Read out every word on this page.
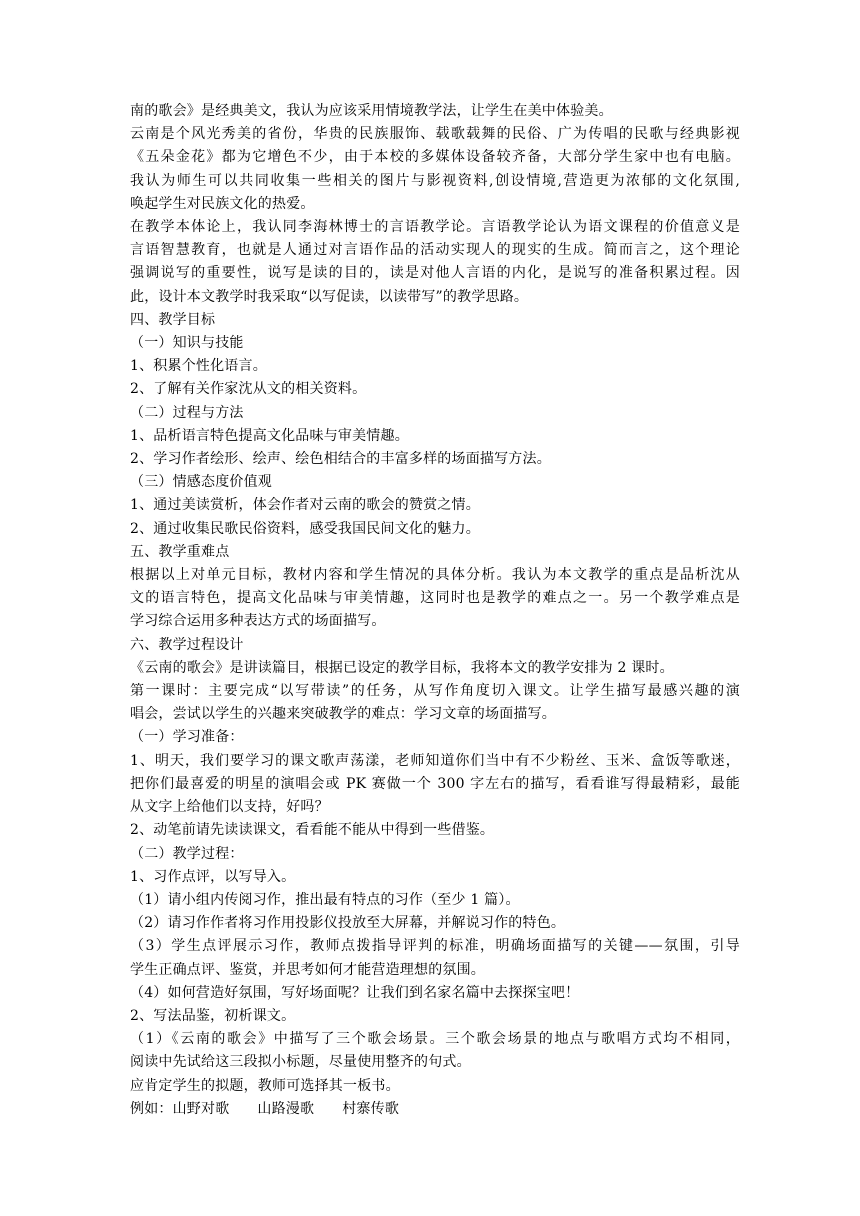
南的歌会》是经典美文，我认为应该采用情境教学法，让学生在美中体验美。

云南是个风光秀美的省份，华贵的民族服饰、载歌载舞的民俗、广为传唱的民歌与经典影视

《五朵金花》都为它增色不少，由于本校的多媒体设备较齐备，大部分学生家中也有电脑。

我认为师生可以共同收集一些相关的图片与影视资料,创设情境,营造更为浓郁的文化氛围,

唤起学生对民族文化的热爱。

在教学本体论上，我认同李海林博士的言语教学论。言语教学论认为语文课程的价值意义是

言语智慧教育，也就是人通过对言语作品的活动实现人的现实的生成。简而言之，这个理论

强调说写的重要性，说写是读的目的，读是对他人言语的内化，是说写的准备积累过程。因

此，设计本文教学时我采取“以写促读，以读带写”的教学思路。

四、教学目标

（一）知识与技能

1、积累个性化语言。

2、了解有关作家沈从文的相关资料。

（二）过程与方法

1、品析语言特色提高文化品味与审美情趣。

2、学习作者绘形、绘声、绘色相结合的丰富多样的场面描写方法。

（三）情感态度价值观

1、通过美读赏析，体会作者对云南的歌会的赞赏之情。

2、通过收集民歌民俗资料，感受我国民间文化的魅力。

五、教学重难点

根据以上对单元目标，教材内容和学生情况的具体分析。我认为本文教学的重点是品析沈从

文的语言特色，提高文化品味与审美情趣，这同时也是教学的难点之一。另一个教学难点是

学习综合运用多种表达方式的场面描写。

六、教学过程设计

《云南的歌会》是讲读篇目，根据已设定的教学目标，我将本文的教学安排为 2 课时。

第一课时：主要完成“以写带读”的任务，从写作角度切入课文。让学生描写最感兴趣的演

唱会，尝试以学生的兴趣来突破教学的难点：学习文章的场面描写。

（一）学习准备：

1、明天，我们要学习的课文歌声荡漾，老师知道你们当中有不少粉丝、玉米、盒饭等歌迷，

把你们最喜爱的明星的演唱会或 PK 赛做一个 300 字左右的描写，看看谁写得最精彩，最能

从文字上给他们以支持，好吗？

2、动笔前请先读读课文，看看能不能从中得到一些借鉴。

（二）教学过程：

1、习作点评，以写导入。

（1）请小组内传阅习作，推出最有特点的习作（至少 1 篇）。

（2）请习作作者将习作用投影仪投放至大屏幕，并解说习作的特色。

（3）学生点评展示习作，教师点拨指导评判的标准，明确场面描写的关键——氛围，引导

学生正确点评、鉴赏，并思考如何才能营造理想的氛围。

（4）如何营造好氛围，写好场面呢？让我们到名家名篇中去探探宝吧！

2、写法品鉴，初析课文。

（1）《云南的歌会》中描写了三个歌会场景。三个歌会场景的地点与歌唱方式均不相同，

阅读中先试给这三段拟小标题，尽量使用整齐的句式。

应肯定学生的拟题，教师可选择其一板书。

例如：山野对歌 山路漫歌 村寨传歌
